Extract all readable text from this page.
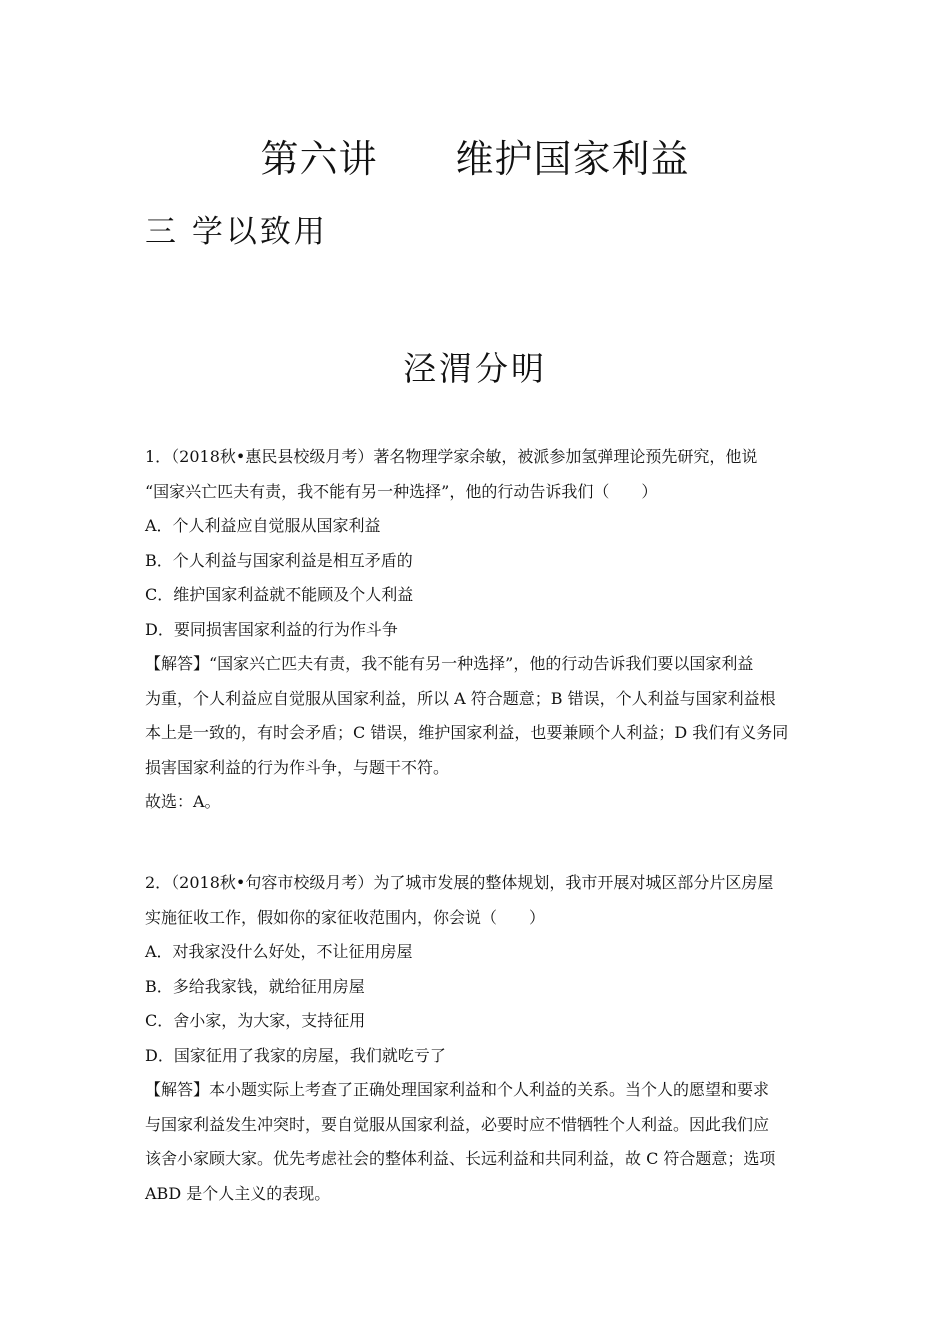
第六讲　　维护国家利益
三 学以致用
泾渭分明
1．（2018秋•惠民县校级月考）著名物理学家余敏，被派参加氢弹理论预先研究，他说
“国家兴亡匹夫有责，我不能有另一种选择”，他的行动告诉我们（　　）
A．个人利益应自觉服从国家利益
B．个人利益与国家利益是相互矛盾的
C．维护国家利益就不能顾及个人利益
D．要同损害国家利益的行为作斗争
【解答】“国家兴亡匹夫有责，我不能有另一种选择”，他的行动告诉我们要以国家利益
为重，个人利益应自觉服从国家利益，所以 A 符合题意；B 错误，个人利益与国家利益根
本上是一致的，有时会矛盾；C 错误，维护国家利益，也要兼顾个人利益；D 我们有义务同
损害国家利益的行为作斗争，与题干不符。
故选：A。
2．（2018秋•句容市校级月考）为了城市发展的整体规划，我市开展对城区部分片区房屋
实施征收工作，假如你的家征收范围内，你会说（　　）
A．对我家没什么好处，不让征用房屋
B．多给我家钱，就给征用房屋
C．舍小家，为大家，支持征用
D．国家征用了我家的房屋，我们就吃亏了
【解答】本小题实际上考查了正确处理国家利益和个人利益的关系。当个人的愿望和要求
与国家利益发生冲突时，要自觉服从国家利益，必要时应不惜牺牲个人利益。因此我们应
该舍小家顾大家。优先考虑社会的整体利益、长远利益和共同利益，故 C 符合题意；选项
ABD 是个人主义的表现。
